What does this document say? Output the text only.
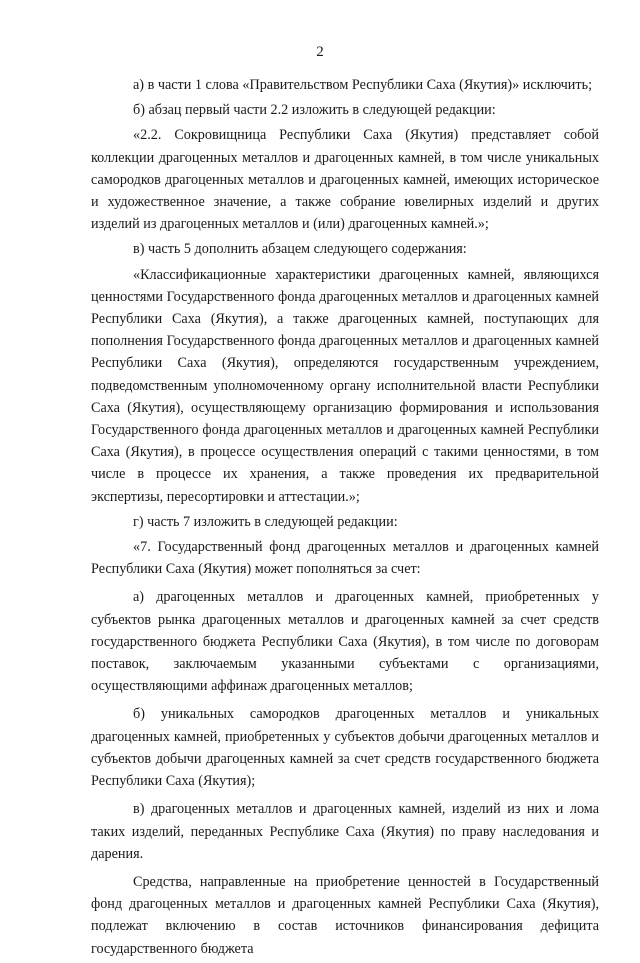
2

а) в части 1 слова «Правительством Республики Саха (Якутия)» исключить;

б) абзац первый части 2.2 изложить в следующей редакции:

«2.2. Сокровищница Республики Саха (Якутия) представляет собой коллекции драгоценных металлов и драгоценных камней, в том числе уникальных самородков драгоценных металлов и драгоценных камней, имеющих историческое и художественное значение, а также собрание ювелирных изделий и других изделий из драгоценных металлов и (или) драгоценных камней.»;

в) часть 5 дополнить абзацем следующего содержания:

«Классификационные характеристики драгоценных камней, являющихся ценностями Государственного фонда драгоценных металлов и драгоценных камней Республики Саха (Якутия), а также драгоценных камней, поступающих для пополнения Государственного фонда драгоценных металлов и драгоценных камней Республики Саха (Якутия), определяются государственным учреждением, подведомственным уполномоченному органу исполнительной власти Республики Саха (Якутия), осуществляющему организацию формирования и использования Государственного фонда драгоценных металлов и драгоценных камней Республики Саха (Якутия), в процессе осуществления операций с такими ценностями, в том числе в процессе их хранения, а также проведения их предварительной экспертизы, пересортировки и аттестации.»;

г) часть 7 изложить в следующей редакции:

«7. Государственный фонд драгоценных металлов и драгоценных камней Республики Саха (Якутия) может пополняться за счет:

а) драгоценных металлов и драгоценных камней, приобретенных у субъектов рынка драгоценных металлов и драгоценных камней за счет средств государственного бюджета Республики Саха (Якутия), в том числе по договорам поставок, заключаемым указанными субъектами с организациями, осуществляющими аффинаж драгоценных металлов;

б) уникальных самородков драгоценных металлов и уникальных драгоценных камней, приобретенных у субъектов добычи драгоценных металлов и субъектов добычи драгоценных камней за счет средств государственного бюджета Республики Саха (Якутия);

в) драгоценных металлов и драгоценных камней, изделий из них и лома таких изделий, переданных Республике Саха (Якутия) по праву наследования и дарения.

Средства, направленные на приобретение ценностей в Государственный фонд драгоценных металлов и драгоценных камней Республики Саха (Якутия), подлежат включению в состав источников финансирования дефицита государственного бюджета
